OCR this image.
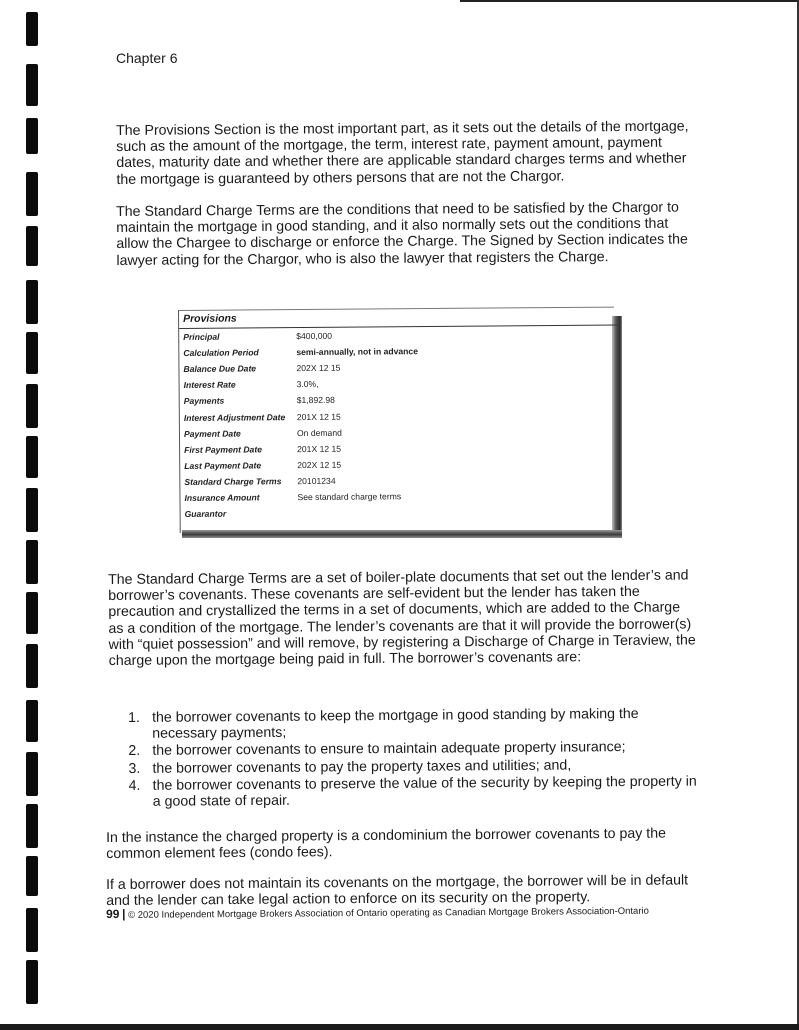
Chapter 6

The Provisions Section is the most important part, as it sets out the details of the mortgage, such as the amount of the mortgage, the term, interest rate, payment amount, payment dates, maturity date and whether there are applicable standard charges terms and whether the mortgage is guaranteed by others persons that are not the Chargor.

The Standard Charge Terms are the conditions that need to be satisfied by the Chargor to maintain the mortgage in good standing, and it also normally sets out the conditions that allow the Chargee to discharge or enforce the Charge. The Signed by Section indicates the lawyer acting for the Chargor, who is also the lawyer that registers the Charge.

Provisions
Principal	$400,000
Calculation Period	semi-annually, not in advance
Balance Due Date	202X 12 15
Interest Rate	3.0%,
Payments	$1,892.98
Interest Adjustment Date	201X 12 15
Payment Date	On demand
First Payment Date	201X 12 15
Last Payment Date	202X 12 15
Standard Charge Terms	20101234
Insurance Amount	See standard charge terms
Guarantor

The Standard Charge Terms are a set of boiler-plate documents that set out the lender’s and borrower’s covenants. These covenants are self-evident but the lender has taken the precaution and crystallized the terms in a set of documents, which are added to the Charge as a condition of the mortgage. The lender’s covenants are that it will provide the borrower(s) with “quiet possession” and will remove, by registering a Discharge of Charge in Teraview, the charge upon the mortgage being paid in full. The borrower’s covenants are:

1. the borrower covenants to keep the mortgage in good standing by making the necessary payments;
2. the borrower covenants to ensure to maintain adequate property insurance;
3. the borrower covenants to pay the property taxes and utilities; and,
4. the borrower covenants to preserve the value of the security by keeping the property in a good state of repair.

In the instance the charged property is a condominium the borrower covenants to pay the common element fees (condo fees).

If a borrower does not maintain its covenants on the mortgage, the borrower will be in default and the lender can take legal action to enforce on its security on the property.

99 | © 2020 Independent Mortgage Brokers Association of Ontario operating as Canadian Mortgage Brokers Association-Ontario
